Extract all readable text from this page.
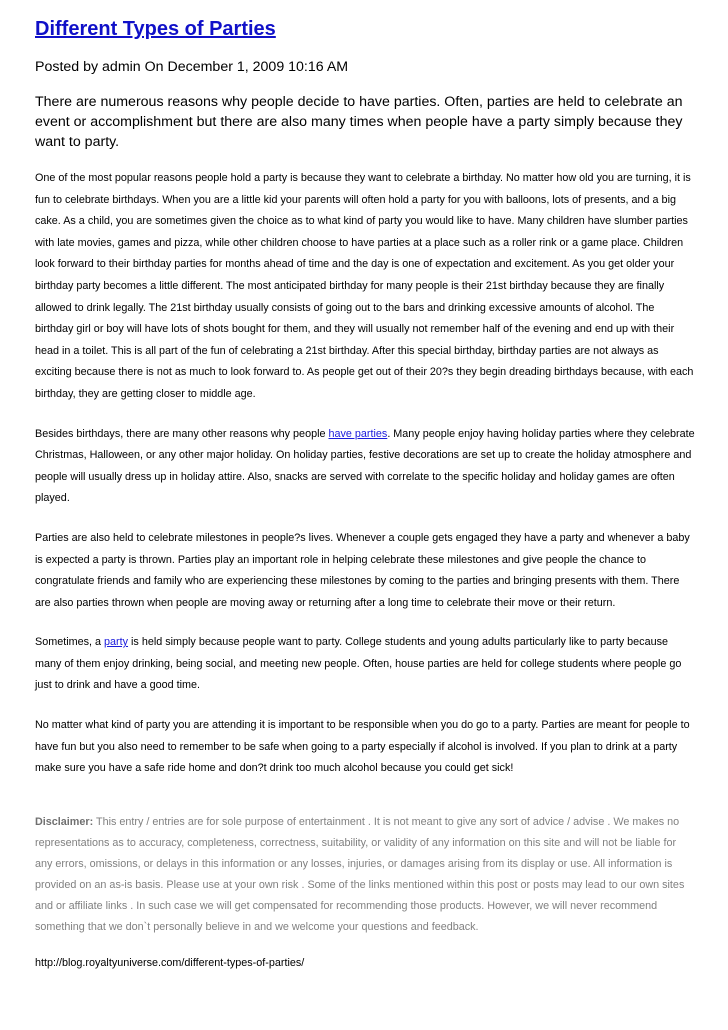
Different Types of Parties

Posted by admin On December 1, 2009 10:16 AM

There are numerous reasons why people decide to have parties. Often, parties are held to celebrate an event or accomplishment but there are also many times when people have a party simply because they want to party.

One of the most popular reasons people hold a party is because they want to celebrate a birthday. No matter how old you are turning, it is fun to celebrate birthdays. When you are a little kid your parents will often hold a party for you with balloons, lots of presents, and a big cake. As a child, you are sometimes given the choice as to what kind of party you would like to have. Many children have slumber parties with late movies, games and pizza, while other children choose to have parties at a place such as a roller rink or a game place. Children look forward to their birthday parties for months ahead of time and the day is one of expectation and excitement. As you get older your birthday party becomes a little different. The most anticipated birthday for many people is their 21st birthday because they are finally allowed to drink legally. The 21st birthday usually consists of going out to the bars and drinking excessive amounts of alcohol. The birthday girl or boy will have lots of shots bought for them, and they will usually not remember half of the evening and end up with their head in a toilet. This is all part of the fun of celebrating a 21st birthday. After this special birthday, birthday parties are not always as exciting because there is not as much to look forward to. As people get out of their 20?s they begin dreading birthdays because, with each birthday, they are getting closer to middle age.

Besides birthdays, there are many other reasons why people have parties. Many people enjoy having holiday parties where they celebrate Christmas, Halloween, or any other major holiday. On holiday parties, festive decorations are set up to create the holiday atmosphere and people will usually dress up in holiday attire. Also, snacks are served with correlate to the specific holiday and holiday games are often played.

Parties are also held to celebrate milestones in people?s lives. Whenever a couple gets engaged they have a party and whenever a baby is expected a party is thrown. Parties play an important role in helping celebrate these milestones and give people the chance to congratulate friends and family who are experiencing these milestones by coming to the parties and bringing presents with them. There are also parties thrown when people are moving away or returning after a long time to celebrate their move or their return.

Sometimes, a party is held simply because people want to party. College students and young adults particularly like to party because many of them enjoy drinking, being social, and meeting new people. Often, house parties are held for college students where people go just to drink and have a good time.

No matter what kind of party you are attending it is important to be responsible when you do go to a party. Parties are meant for people to have fun but you also need to remember to be safe when going to a party especially if alcohol is involved. If you plan to drink at a party make sure you have a safe ride home and don?t drink too much alcohol because you could get sick!

Disclaimer: This entry / entries are for sole purpose of entertainment . It is not meant to give any sort of advice / advise . We makes no representations as to accuracy, completeness, correctness, suitability, or validity of any information on this site and will not be liable for any errors, omissions, or delays in this information or any losses, injuries, or damages arising from its display or use. All information is provided on an as-is basis. Please use at your own risk . Some of the links mentioned within this post or posts may lead to our own sites and or affiliate links . In such case we will get compensated for recommending those products. However, we will never recommend something that we don`t personally believe in and we welcome your questions and feedback.

http://blog.royaltyuniverse.com/different-types-of-parties/
